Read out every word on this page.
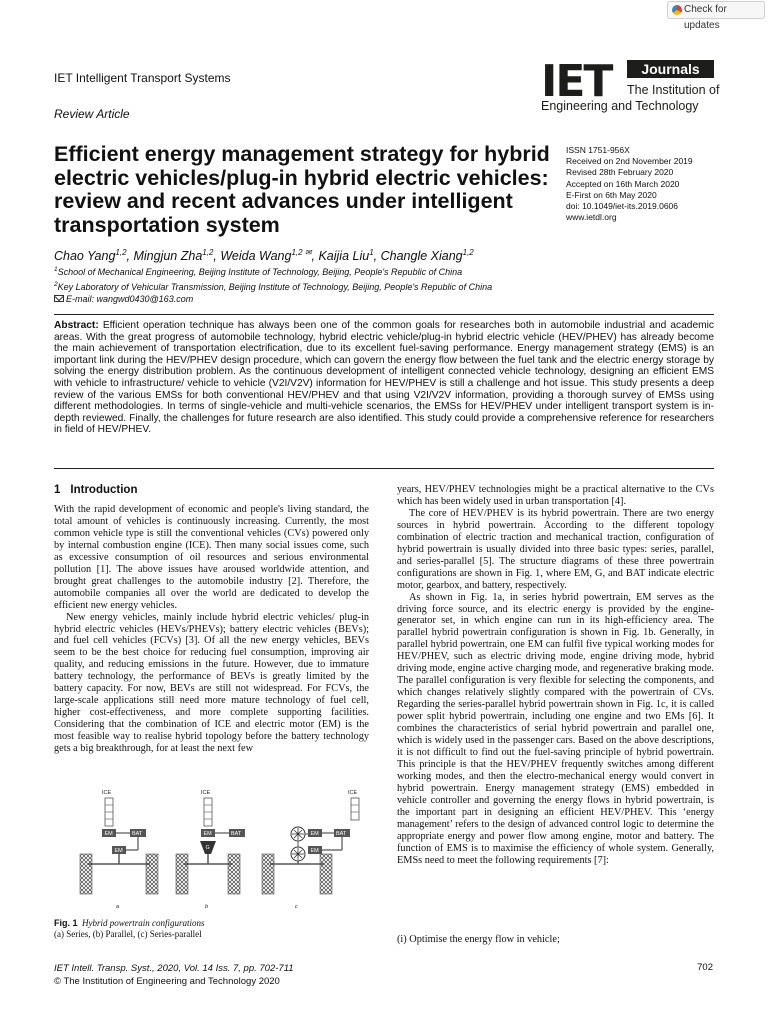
Check for updates
IET Intelligent Transport Systems
Review Article
IET	Journals
The Institution of
Engineering and Technology
Efficient energy management strategy for hybrid electric vehicles/plug-in hybrid electric vehicles: review and recent advances under intelligent transportation system
ISSN 1751-956X
Received on 2nd November 2019
Revised 28th February 2020
Accepted on 16th March 2020
E-First on 6th May 2020
doi: 10.1049/iet-its.2019.0606
www.ietdl.org
Chao Yang$^{1,2}$, Mingjun Zha$^{1,2}$, Weida Wang$^{1,2 ✉}$, Kaijia Liu$^1$, Changle Xiang$^{1,2}$
$^1$School of Mechanical Engineering, Beijing Institute of Technology, Beijing, People's Republic of China
$^2$Key Laboratory of Vehicular Transmission, Beijing Institute of Technology, Beijing, People's Republic of China
E-mail: wangwd0430@163.com
Abstract: Efficient operation technique has always been one of the common goals for researches both in automobile industrial and academic areas. With the great progress of automobile technology, hybrid electric vehicle/plug-in hybrid electric vehicle (HEV/PHEV) has already become the main achievement of transportation electrification, due to its excellent fuel-saving performance. Energy management strategy (EMS) is an important link during the HEV/PHEV design procedure, which can govern the energy flow between the fuel tank and the electric energy storage by solving the energy distribution problem. As the continuous development of intelligent connected vehicle technology, designing an efficient EMS with vehicle to infrastructure/ vehicle to vehicle (V2I/V2V) information for HEV/PHEV is still a challenge and hot issue. This study presents a deep review of the various EMSs for both conventional HEV/PHEV and that using V2I/V2V information, providing a thorough survey of EMSs using different methodologies. In terms of single-vehicle and multi-vehicle scenarios, the EMSs for HEV/PHEV under intelligent transport system is in-depth reviewed. Finally, the challenges for future research are also identified. This study could provide a comprehensive reference for researchers in field of HEV/PHEV.
1 Introduction

With the rapid development of economic and people's living standard, the total amount of vehicles is continuously increasing. Currently, the most common vehicle type is still the conventional vehicles (CVs) powered only by internal combustion engine (ICE). Then many social issues come, such as excessive consumption of oil resources and serious environmental pollution [1]. The above issues have aroused worldwide attention, and brought great challenges to the automobile industry [2]. Therefore, the automobile companies all over the world are dedicated to develop the efficient new energy vehicles.

New energy vehicles, mainly include hybrid electric vehicles/ plug-in hybrid electric vehicles (HEVs/PHEVs); battery electric vehicles (BEVs); and fuel cell vehicles (FCVs) [3]. Of all the new energy vehicles, BEVs seem to be the best choice for reducing fuel consumption, improving air quality, and reducing emissions in the future. However, due to immature battery technology, the performance of BEVs is greatly limited by the battery capacity. For now, BEVs are still not widespread. For FCVs, the large-scale applications still need more mature technology of fuel cell, higher cost-effectiveness, and more complete supporting facilities. Considering that the combination of ICE and electric motor (EM) is the most feasible way to realise hybrid topology before the battery technology gets a big breakthrough, for at least the next few

years, HEV/PHEV technologies might be a practical alternative to the CVs which has been widely used in urban transportation [4].

The core of HEV/PHEV is its hybrid powertrain. There are two energy sources in hybrid powertrain. According to the different topology combination of electric traction and mechanical traction, configuration of hybrid powertrain is usually divided into three basic types: series, parallel, and series-parallel [5]. The structure diagrams of these three powertrain configurations are shown in Fig. 1, where EM, G, and BAT indicate electric motor, gearbox, and battery, respectively.

As shown in Fig. 1a, in series hybrid powertrain, EM serves as the driving force source, and its electric energy is provided by the engine-generator set, in which engine can run in its high-efficiency area. The parallel hybrid powertrain configuration is shown in Fig. 1b. Generally, in parallel hybrid powertrain, one EM can fulfil five typical working modes for HEV/PHEV, such as electric driving mode, engine driving mode, hybrid driving mode, engine active charging mode, and regenerative braking mode. The parallel configuration is very flexible for selecting the components, and which changes relatively slightly compared with the powertrain of CVs. Regarding the series-parallel hybrid powertrain shown in Fig. 1c, it is called power split hybrid powertrain, including one engine and two EMs [6]. It combines the characteristics of serial hybrid powertrain and parallel one, which is widely used in the passenger cars. Based on the above descriptions, it is not difficult to find out the fuel-saving principle of hybrid powertrain. This principle is that the HEV/PHEV frequently switches among different working modes, and then the electro-mechanical energy would convert in hybrid powertrain. Energy management strategy (EMS) embedded in vehicle controller and governing the energy flows in hybrid powertrain, is the important part in designing an efficient HEV/PHEV. This ‘energy management’ refers to the design of advanced control logic to determine the appropriate energy and power flow among engine, motor and battery. The function of EMS is to maximise the efficiency of whole system. Generally, EMSs need to meet the following requirements [7]:

(i) Optimise the energy flow in vehicle;
ICE
EM	BAT
EM
a
ICE
EM	BAT
G
b
ICE
EM	BAT
EM
c
Fig. 1 Hybrid powertrain configurations
(a) Series, (b) Parallel, (c) Series-parallel
IET Intell. Transp. Syst., 2020, Vol. 14 Iss. 7, pp. 702-711
© The Institution of Engineering and Technology 2020
702
